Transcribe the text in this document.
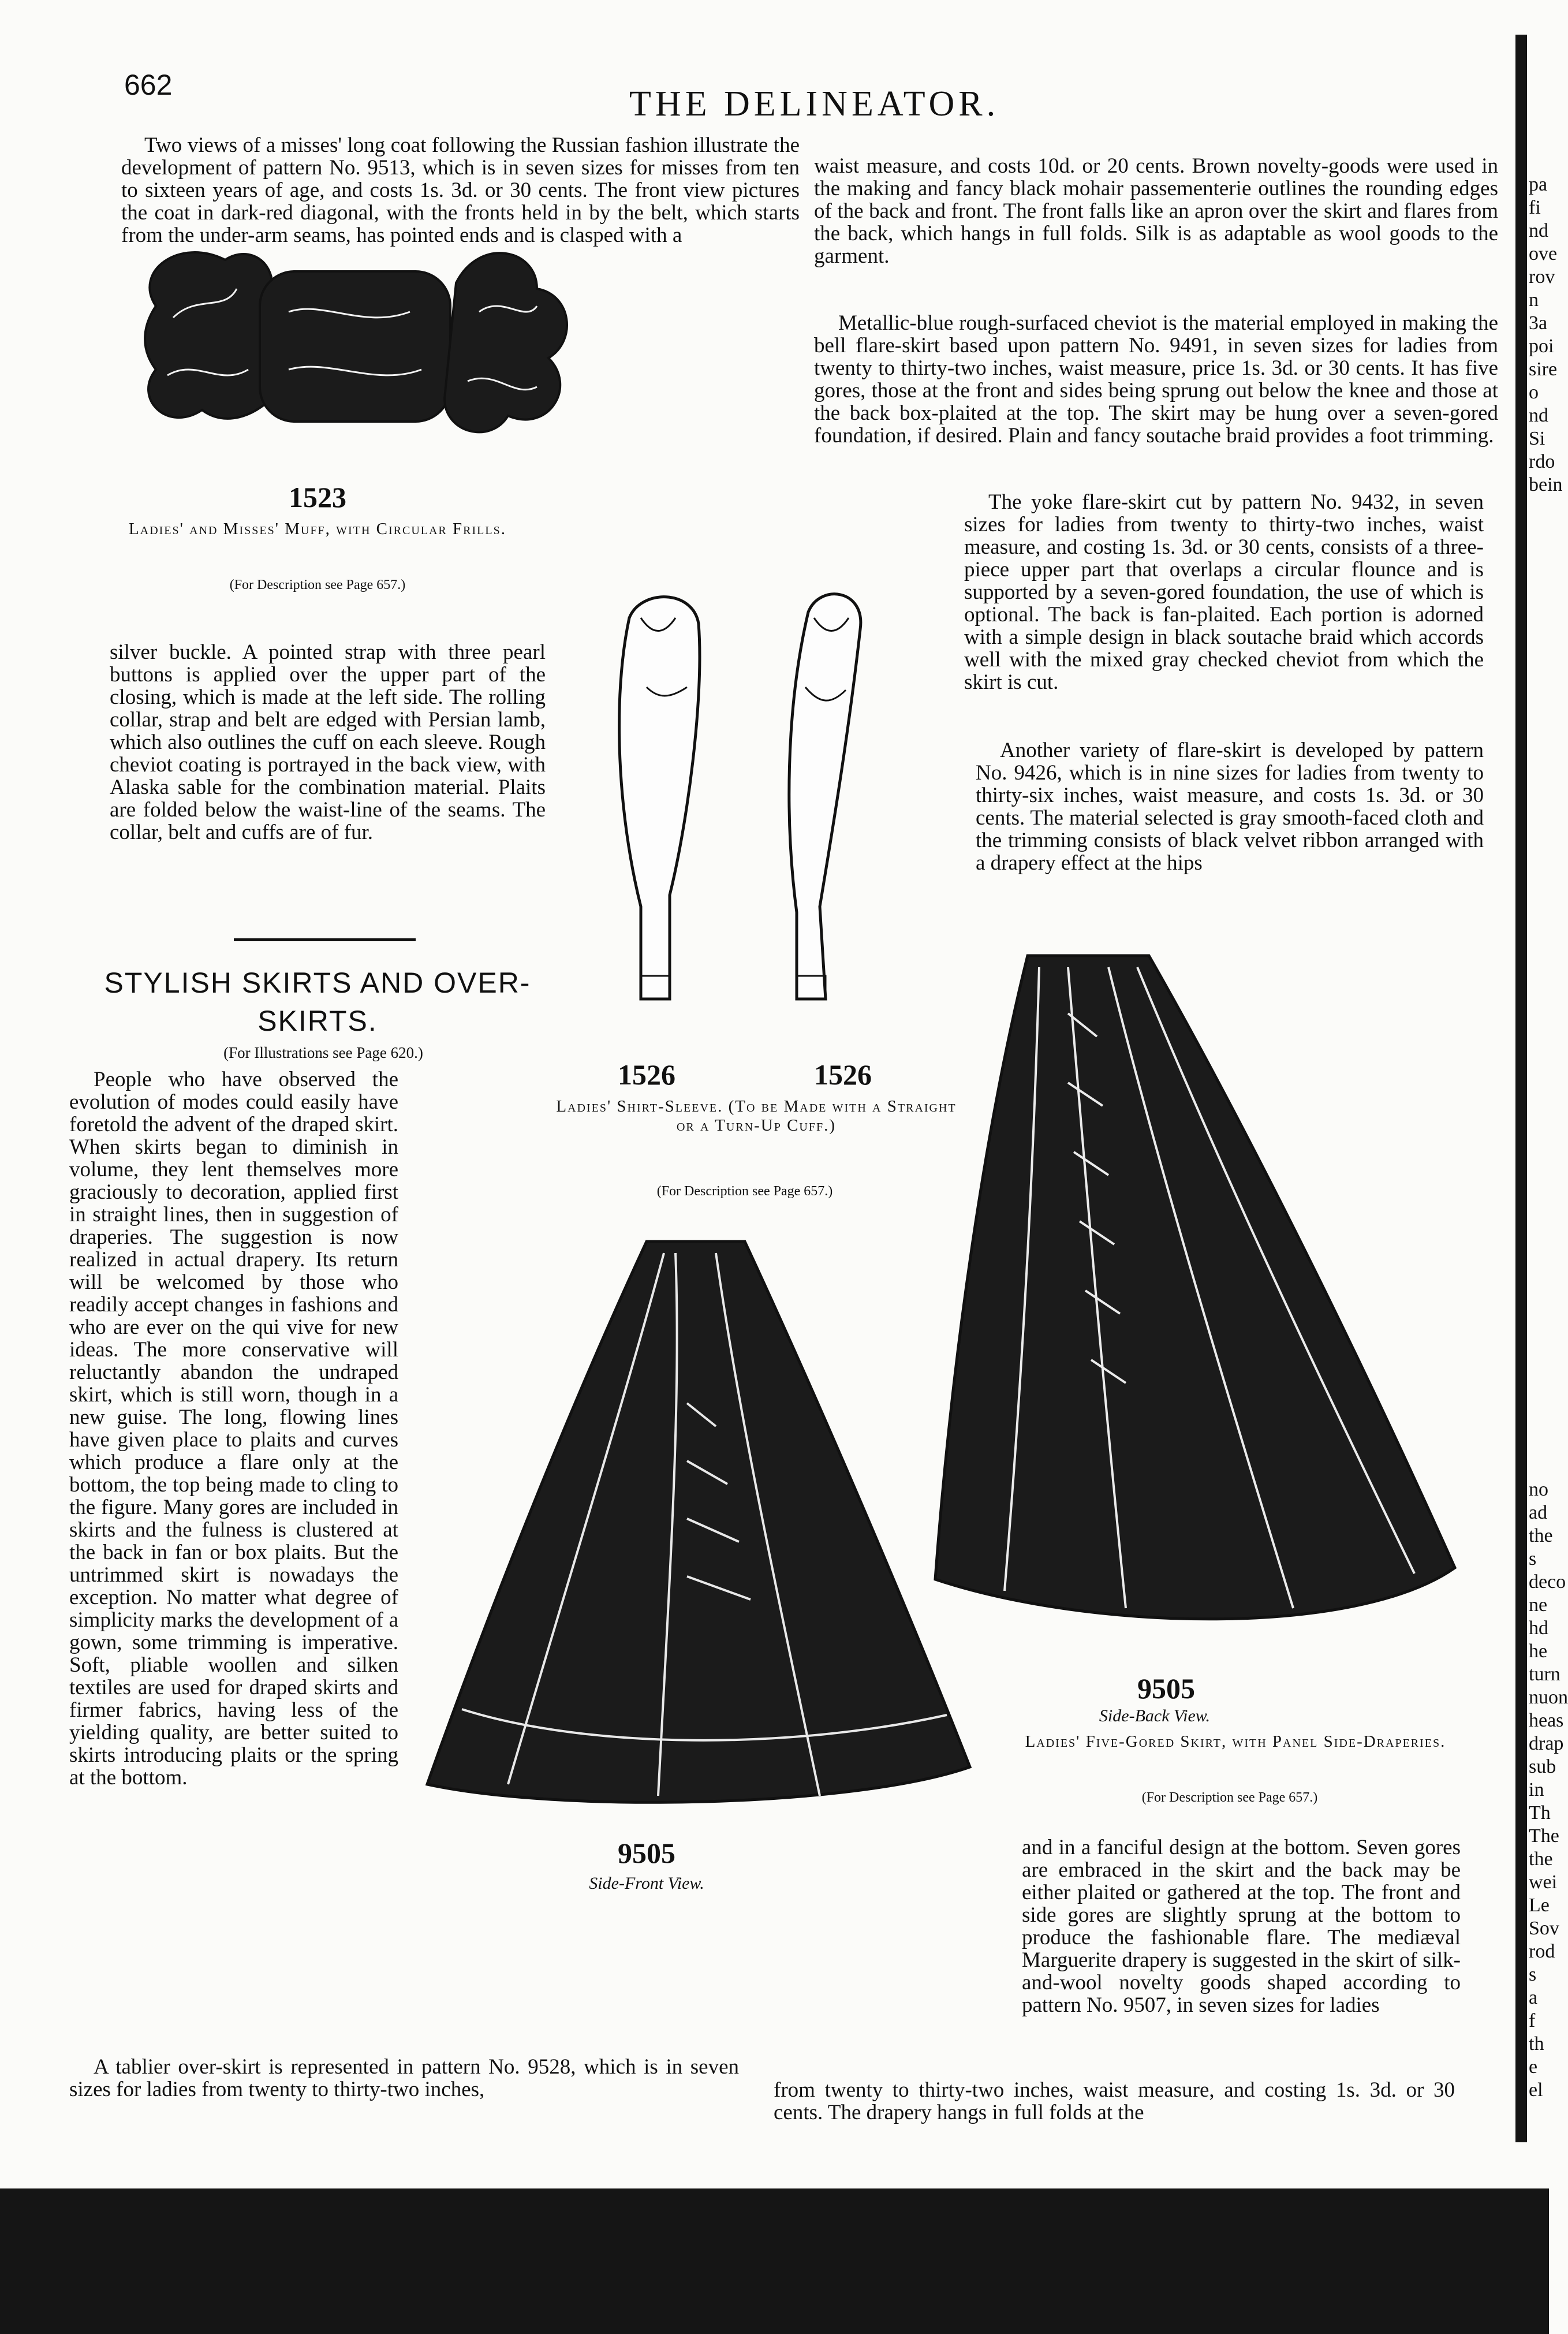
662	THE DELINEATOR.

Two views of a misses' long coat following the Russian fashion illustrate the development of pattern No. 9513, which is in seven sizes for misses from ten to sixteen years of age, and costs 1s. 3d. or 30 cents. The front view pictures the coat in dark-red diagonal, with the fronts held in by the belt, which starts from the under-arm seams, has pointed ends and is clasped with a

1523
Ladies' and Misses' Muff, with Circular Frills.
(For Description see Page 657.)

silver buckle. A pointed strap with three pearl buttons is applied over the upper part of the closing, which is made at the left side. The rolling collar, strap and belt are edged with Persian lamb, which also outlines the cuff on each sleeve. Rough cheviot coating is portrayed in the back view, with Alaska sable for the combination material. Plaits are folded below the waist-line of the seams. The collar, belt and cuffs are of fur.

STYLISH SKIRTS AND OVER-
SKIRTS.
(For Illustrations see Page 620.)

People who have observed the evolution of modes could easily have foretold the advent of the draped skirt. When skirts began to diminish in volume, they lent themselves more graciously to decoration, applied first in straight lines, then in suggestion of draperies. The suggestion is now realized in actual drapery. Its return will be welcomed by those who readily accept changes in fashions and who are ever on the qui vive for new ideas. The more conservative will reluctantly abandon the undraped skirt, which is still worn, though in a new guise. The long, flowing lines have given place to plaits and curves which produce a flare only at the bottom, the top being made to cling to the figure. Many gores are included in skirts and the fulness is clustered at the back in fan or box plaits. But the untrimmed skirt is nowadays the exception. No matter what degree of simplicity marks the development of a gown, some trimming is imperative. Soft, pliable woollen and silken textiles are used for draped skirts and firmer fabrics, having less of the yielding quality, are better suited to skirts introducing plaits or the spring at the bottom.

1526	1526
Ladies' Shirt-Sleeve. (To be Made with a Straight or a Turn-Up Cuff.)
(For Description see Page 657.)

waist measure, and costs 10d. or 20 cents. Brown novelty-goods were used in the making and fancy black mohair passementerie outlines the rounding edges of the back and front. The front falls like an apron over the skirt and flares from the back, which hangs in full folds. Silk is as adaptable as wool goods to the garment.

Metallic-blue rough-surfaced cheviot is the material employed in making the bell flare-skirt based upon pattern No. 9491, in seven sizes for ladies from twenty to thirty-two inches, waist measure, price 1s. 3d. or 30 cents. It has five gores, those at the front and sides being sprung out below the knee and those at the back box-plaited at the top. The skirt may be hung over a seven-gored foundation, if desired. Plain and fancy soutache braid provides a foot trimming.

The yoke flare-skirt cut by pattern No. 9432, in seven sizes for ladies from twenty to thirty-two inches, waist measure, and costing 1s. 3d. or 30 cents, consists of a three-piece upper part that overlaps a circular flounce and is supported by a seven-gored foundation, the use of which is optional. The back is fan-plaited. Each portion is adorned with a simple design in black soutache braid which accords well with the mixed gray checked cheviot from which the skirt is cut.

Another variety of flare-skirt is developed by pattern No. 9426, which is in nine sizes for ladies from twenty to thirty-six inches, waist measure, and costs 1s. 3d. or 30 cents. The material selected is gray smooth-faced cloth and the trimming consists of black velvet ribbon arranged with a drapery effect at the hips

9505
Side-Front View.
9505
Side-Back View.
Ladies' Five-Gored Skirt, with Panel Side-Draperies.
(For Description see Page 657.)

and in a fanciful design at the bottom. Seven gores are embraced in the skirt and the back may be either plaited or gathered at the top. The front and side gores are slightly sprung at the bottom to produce the fashionable flare. The mediæval Marguerite drapery is suggested in the skirt of silk-and-wool novelty goods shaped according to pattern No. 9507, in seven sizes for ladies

A tablier over-skirt is represented in pattern No. 9528, which is in seven sizes for ladies from twenty to thirty-two inches,	from twenty to thirty-two inches, waist measure, and costing 1s. 3d. or 30 cents. The drapery hangs in full folds at the

pa
fi
nd
ove
rov
n
3a
poi
sire
o
nd
Si
rdo
bein
no
ad
the s
deco
ne
hd
he
turn
nuon
heas
drap
sub
in
Th
The
the
wei
Le
Sov
rod
s a
f th
e el
